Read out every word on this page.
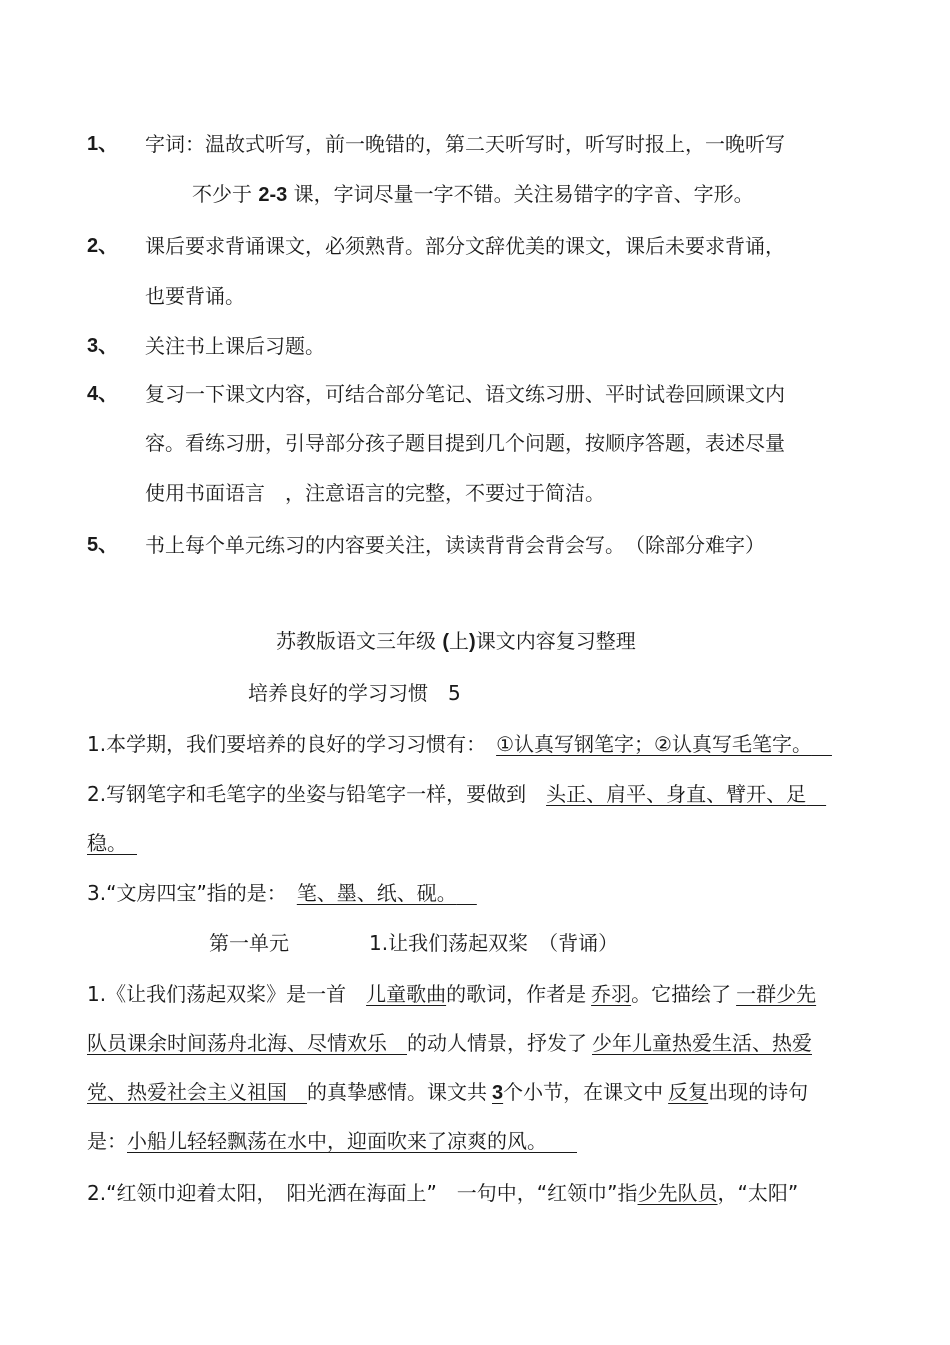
1、 字词：温故式听写，前一晚错的，第二天听写时，听写时报上，一晚听写
不少于 2-3 课，字词尽量一字不错。关注易错字的字音、字形。
2、 课后要求背诵课文，必须熟背。部分文辞优美的课文，课后未要求背诵，
也要背诵。
3、 关注书上课后习题。
4、 复习一下课文内容，可结合部分笔记、语文练习册、平时试卷回顾课文内
容。看练习册，引导部分孩子题目提到几个问题，按顺序答题，表述尽量
使用书面语言　，注意语言的完整，不要过于简洁。
5、 书上每个单元练习的内容要关注，读读背背会背会写。　（除部分难字）
苏教版语文三年级 (上)课文内容复习整理
培养良好的学习习惯　5
1.本学期，我们要培养的良好的学习习惯有：　①认真写钢笔字；②认真写毛笔字。 
2.写钢笔字和毛笔字的坐姿与铅笔字一样，要做到　头正、肩平、身直、臂开、足 
稳。 
3.“文房四宝”指的是：　笔、墨、纸、砚。 
第一单元　　　　1.让我们荡起双桨　（背诵）
1.《让我们荡起双桨》是一首　儿童歌曲的歌词，作者是  乔羽。它描绘了  一群少先
队员课余时间荡舟北海、尽情欢乐　的动人情景，抒发了  少年儿童热爱生活、热爱
党、热爱社会主义祖国　的真挚感情。课文共  3个小节，在课文中  反复出现的诗句
是：小船儿轻轻飘荡在水中，迎面吹来了凉爽的风。  
2.“红领巾迎着太阳，　阳光洒在海面上”　一句中，“红领巾”指少先队员，“太阳”
